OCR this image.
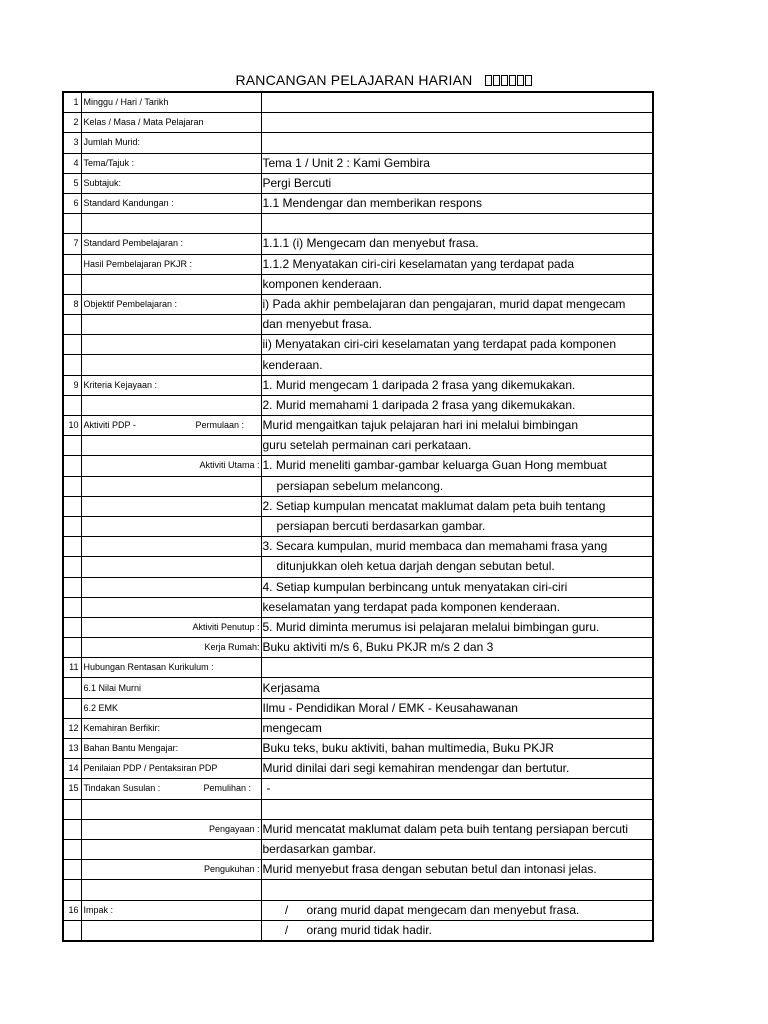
RANCANGAN PELAJARAN HARIAN
1	Minggu / Hari / Tarikh	
2	Kelas / Masa / Mata Pelajaran	
3	Jumlah Murid:	
4	Tema/Tajuk :	Tema 1 / Unit 2 : Kami Gembira
5	Subtajuk:	Pergi Bercuti
6	Standard Kandungan :	1.1 Mendengar dan memberikan respons

7	Standard Pembelajaran :	1.1.1 (i) Mengecam dan menyebut frasa.
	Hasil Pembelajaran PKJR :	1.1.2 Menyatakan ciri-ciri keselamatan yang terdapat pada
		komponen kenderaan.
8	Objektif Pembelajaran :	i) Pada akhir pembelajaran dan pengajaran, murid dapat mengecam
		dan menyebut frasa.
		ii) Menyatakan ciri-ciri keselamatan yang terdapat pada komponen
		kenderaan.
9	Kriteria Kejayaan :	1. Murid mengecam 1 daripada 2 frasa yang dikemukakan.
		2. Murid memahami 1 daripada 2 frasa yang dikemukakan.
10	Aktiviti PDP - Permulaan :	Murid mengaitkan tajuk pelajaran hari ini melalui bimbingan
		guru setelah permainan cari perkataan.

	Aktiviti Utama :	1. Murid meneliti gambar-gambar keluarga Guan Hong membuat
		persiapan sebelum melancong.
		2. Setiap kumpulan mencatat maklumat dalam peta buih tentang
		persiapan bercuti berdasarkan gambar.
		3. Secara kumpulan, murid membaca dan memahami frasa yang
		ditunjukkan oleh ketua darjah dengan sebutan betul.
		4. Setiap kumpulan berbincang untuk menyatakan ciri-ciri
		keselamatan yang terdapat pada komponen kenderaan.

	Aktiviti Penutup :	5. Murid diminta merumus isi pelajaran melalui bimbingan guru.

	Kerja Rumah:	Buku aktiviti m/s 6, Buku PKJR m/s 2 dan 3
11	Hubungan Rentasan Kurikulum :	
	6.1 Nilai Murni	Kerjasama
	6.2 EMK	Ilmu - Pendidikan Moral / EMK - Keusahawanan
12	Kemahiran Berfikir:	mengecam
13	Bahan Bantu Mengajar:	Buku teks, buku aktiviti, bahan multimedia, Buku PKJR
14	Penilaian PDP / Pentaksiran PDP	Murid dinilai dari segi kemahiran mendengar dan bertutur.
15	Tindakan Susulan : Pemulihan :	-

	Pengayaan :	Murid mencatat maklumat dalam peta buih tentang persiapan bercuti
		berdasarkan gambar.

	Pengukuhan :	Murid menyebut frasa dengan sebutan betul dan intonasi jelas.

16	Impak :	/ orang murid dapat mengecam dan menyebut frasa.
		/ orang murid tidak hadir.
